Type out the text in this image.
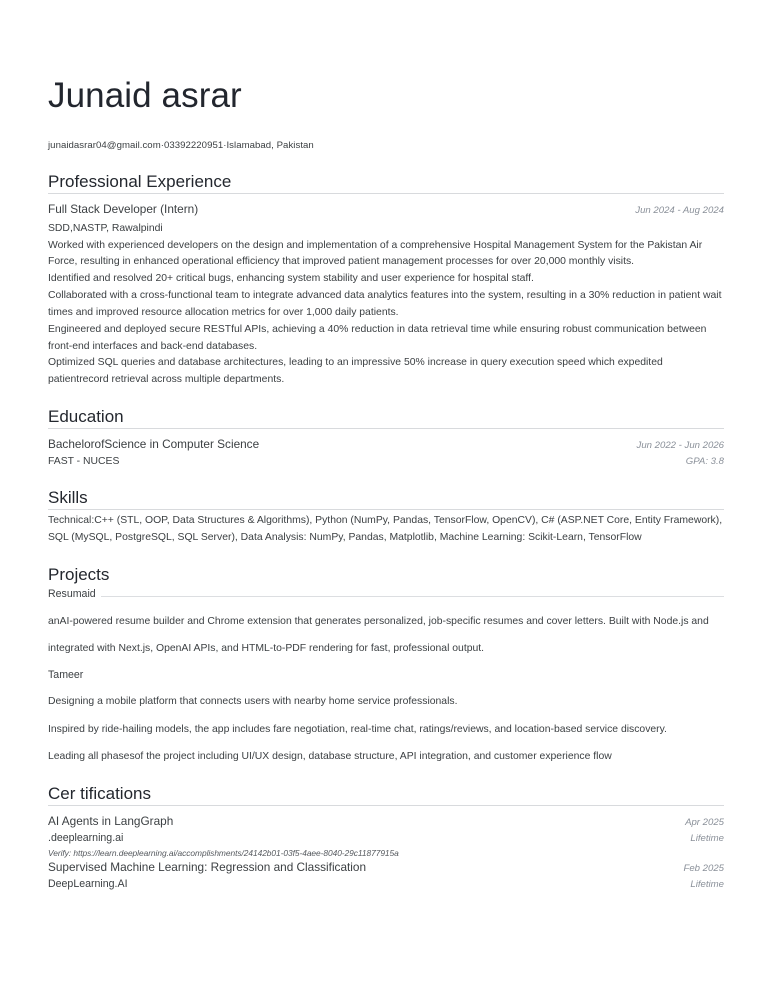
Junaid asrar
junaidasrar04@gmail.com·03392220951·Islamabad, Pakistan
Professional Experience
Full Stack Developer (Intern)	Jun 2024 - Aug 2024
SDD,NASTP, Rawalpindi

Worked with experienced developers on the design and implementation of a comprehensive Hospital Management System for the Pakistan Air Force, resulting in enhanced operational efficiency that improved patient management processes for over 20,000 monthly visits.

Identified and resolved 20+ critical bugs, enhancing system stability and user experience for hospital staff.

Collaborated with a cross-functional team to integrate advanced data analytics features into the system, resulting in a 30% reduction in patient wait times and improved resource allocation metrics for over 1,000 daily patients.

Engineered and deployed secure RESTful APIs, achieving a 40% reduction in data retrieval time while ensuring robust communication between front-end interfaces and back-end databases.

Optimized SQL queries and database architectures, leading to an impressive 50% increase in query execution speed which expedited patientrecord retrieval across multiple departments.

Education
BachelorofScience in Computer Science	Jun 2022 - Jun 2026
FAST - NUCES	GPA: 3.8
Skills
Technical:C++ (STL, OOP, Data Structures & Algorithms), Python (NumPy, Pandas, TensorFlow, OpenCV), C# (ASP.NET Core, Entity Framework), SQL (MySQL, PostgreSQL, SQL Server), Data Analysis: NumPy, Pandas, Matplotlib, Machine Learning: Scikit-Learn, TensorFlow
Projects
Resumaid

anAI-powered resume builder and Chrome extension that generates personalized, job-specific resumes and cover letters. Built with Node.js and

integrated with Next.js, OpenAI APIs, and HTML-to-PDF rendering for fast, professional output.

Tameer

Designing a mobile platform that connects users with nearby home service professionals.

Inspired by ride-hailing models, the app includes fare negotiation, real-time chat, ratings/reviews, and location-based service discovery.

Leading all phasesof the project including UI/UX design, database structure, API integration, and customer experience flow

Cer tifications
AI Agents in LangGraph	Apr 2025
.deeplearning.ai	Lifetime
Verify: https://learn.deeplearning.ai/accomplishments/24142b01-03f5-4aee-8040-29c11877915a
Supervised Machine Learning: Regression and Classification	Feb 2025
DeepLearning.AI	Lifetime
